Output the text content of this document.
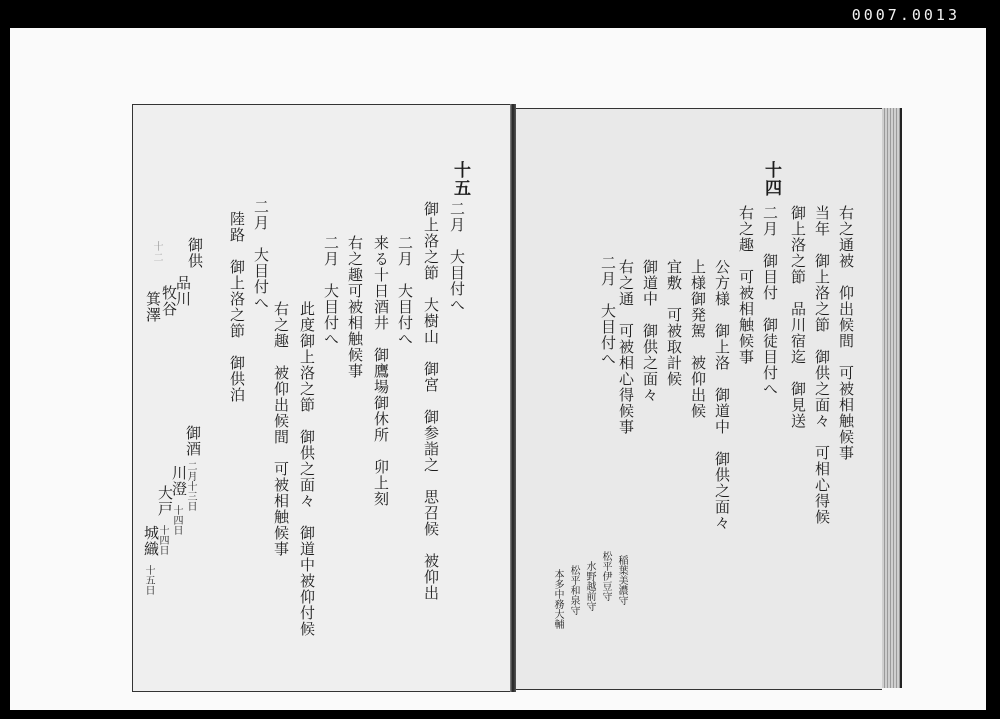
0007.0013
十五
二月　大目付へ
御上洛之節　大樹山　御宮　御参詣之　思召候　被仰出
二月　大目付へ
来る十日酒井　御鷹場御休所　卯上刻
右之趣可被相触候事
二月　大目付へ
此度御上洛之節　御供之面々　御道中被仰付候
右之趣　被仰出候間　可被相触候事
二月　大目付へ
陸路　御上洛之節　御供泊
御供
品川
牧谷
箕澤
御酒
二月十三日
川澄
十四日
大戸
十四日
城織
十五日
十二
十四
右之通被　仰出候間　可被相触候事
二月　御目付　御徒目付へ 当年　御上洛之節　御供之面々　可相心得候
御上洛之節　品川宿迄　御見送
右之趣　可被相触候事
公方様　御上洛　御道中　御供之面々
上様御発駕　被仰出候
宜敷　可被取計候
御道中　御供之面々
右之通　可被相心得候事
二月　大目付へ
稲葉美濃守
松平伊豆守
水野越前守
松平和泉守
本多中務大輔
